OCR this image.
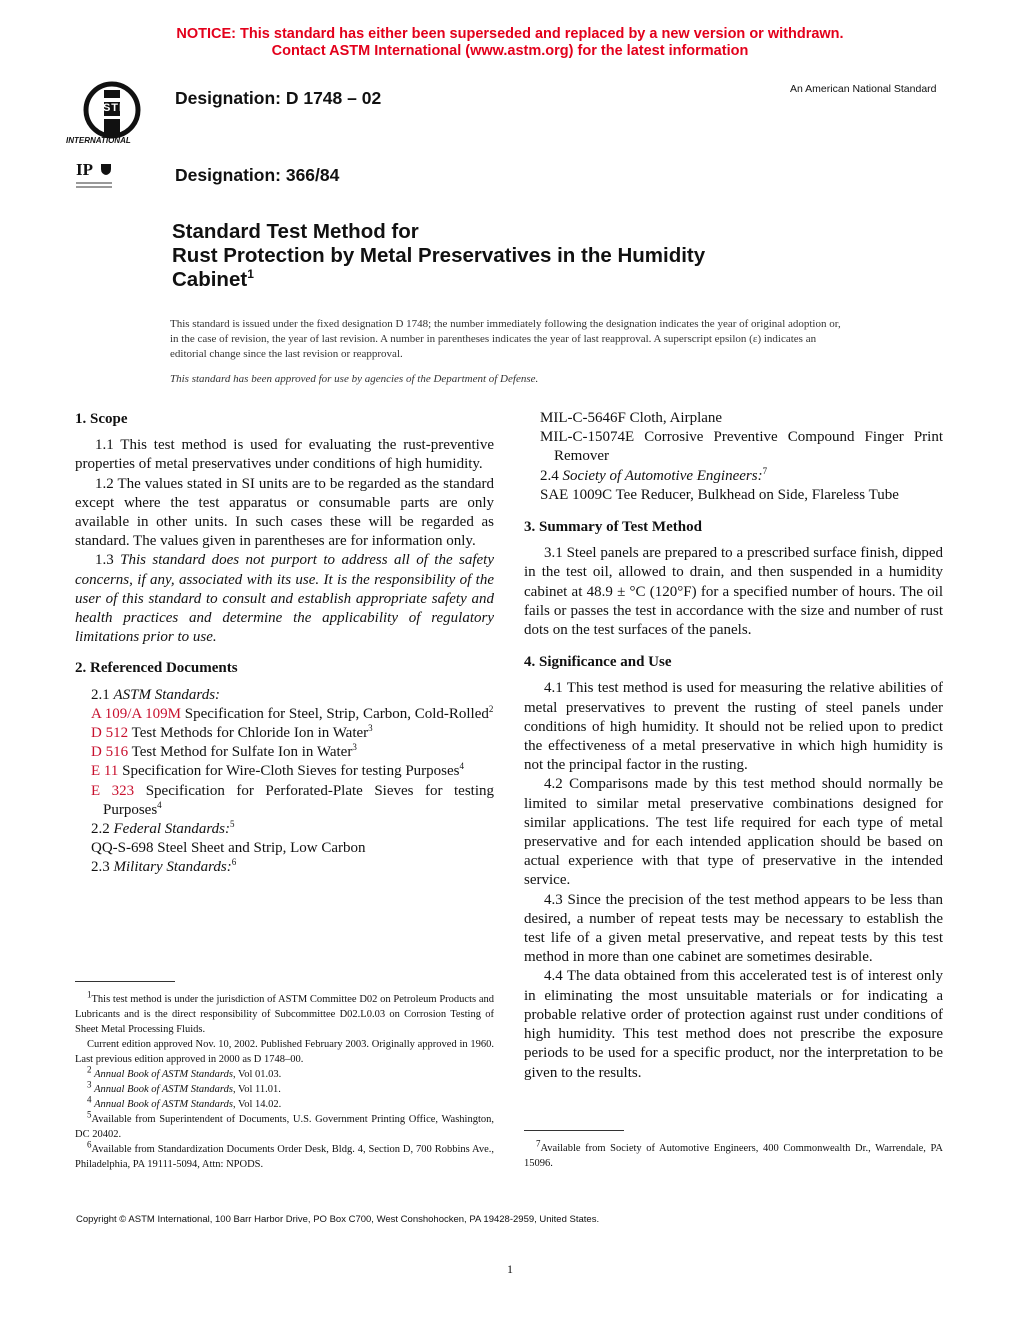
NOTICE: This standard has either been superseded and replaced by a new version or withdrawn.
Contact ASTM International (www.astm.org) for the latest information
ASTM
INTERNATIONAL
IP
Designation: D 1748 – 02
Designation: 366/84
An American National Standard
Standard Test Method for
Rust Protection by Metal Preservatives in the Humidity
Cabinet$^1$
This standard is issued under the fixed designation D 1748; the number immediately following the designation indicates the year of original adoption or, in the case of revision, the year of last revision. A number in parentheses indicates the year of last reapproval. A superscript epsilon (ε) indicates an editorial change since the last revision or reapproval.
This standard has been approved for use by agencies of the Department of Defense.
1. Scope

1.1 This test method is used for evaluating the rust-preventive properties of metal preservatives under conditions of high humidity.

1.2 The values stated in SI units are to be regarded as the standard except where the test apparatus or consumable parts are only available in other units. In such cases these will be regarded as standard. The values given in parentheses are for information only.

1.3 This standard does not purport to address all of the safety concerns, if any, associated with its use. It is the responsibility of the user of this standard to consult and establish appropriate safety and health practices and determine the applicability of regulatory limitations prior to use.

2. Referenced Documents
2.1 ASTM Standards:
A 109/A 109M Specification for Steel, Strip, Carbon, Cold-Rolled$^2$
D 512 Test Methods for Chloride Ion in Water$^3$
D 516 Test Method for Sulfate Ion in Water$^3$
E 11 Specification for Wire-Cloth Sieves for testing Purposes$^4$
E 323 Specification for Perforated-Plate Sieves for testing Purposes$^4$
2.2 Federal Standards:$^5$
QQ-S-698 Steel Sheet and Strip, Low Carbon
2.3 Military Standards:$^6$

$^1$This test method is under the jurisdiction of ASTM Committee D02 on Petroleum Products and Lubricants and is the direct responsibility of Subcommittee D02.L0.03 on Corrosion Testing of Sheet Metal Processing Fluids.

Current edition approved Nov. 10, 2002. Published February 2003. Originally approved in 1960. Last previous edition approved in 2000 as D 1748–00.

$^2$ Annual Book of ASTM Standards, Vol 01.03.

$^3$ Annual Book of ASTM Standards, Vol 11.01.

$^4$ Annual Book of ASTM Standards, Vol 14.02.

$^5$Available from Superintendent of Documents, U.S. Government Printing Office, Washington, DC 20402.

$^6$Available from Standardization Documents Order Desk, Bldg. 4, Section D, 700 Robbins Ave., Philadelphia, PA 19111-5094, Attn: NPODS.

MIL-C-5646F Cloth, Airplane
MIL-C-15074E Corrosive Preventive Compound Finger Print Remover
2.4 Society of Automotive Engineers:$^7$
SAE 1009C Tee Reducer, Bulkhead on Side, Flareless Tube
3. Summary of Test Method

3.1 Steel panels are prepared to a prescribed surface finish, dipped in the test oil, allowed to drain, and then suspended in a humidity cabinet at 48.9 ± °C (120°F) for a specified number of hours. The oil fails or passes the test in accordance with the size and number of rust dots on the test surfaces of the panels.

4. Significance and Use

4.1 This test method is used for measuring the relative abilities of metal preservatives to prevent the rusting of steel panels under conditions of high humidity. It should not be relied upon to predict the effectiveness of a metal preservative in which high humidity is not the principal factor in the rusting.

4.2 Comparisons made by this test method should normally be limited to similar metal preservative combinations designed for similar applications. The test life required for each type of metal preservative and for each intended application should be based on actual experience with that type of preservative in the intended service.

4.3 Since the precision of the test method appears to be less than desired, a number of repeat tests may be necessary to establish the test life of a given metal preservative, and repeat tests by this test method in more than one cabinet are sometimes desirable.

4.4 The data obtained from this accelerated test is of interest only in eliminating the most unsuitable materials or for indicating a probable relative order of protection against rust under conditions of high humidity. This test method does not prescribe the exposure periods to be used for a specific product, nor the interpretation to be given to the results.

$^7$Available from Society of Automotive Engineers, 400 Commonwealth Dr., Warrendale, PA 15096.

Copyright © ASTM International, 100 Barr Harbor Drive, PO Box C700, West Conshohocken, PA 19428-2959, United States.
1
